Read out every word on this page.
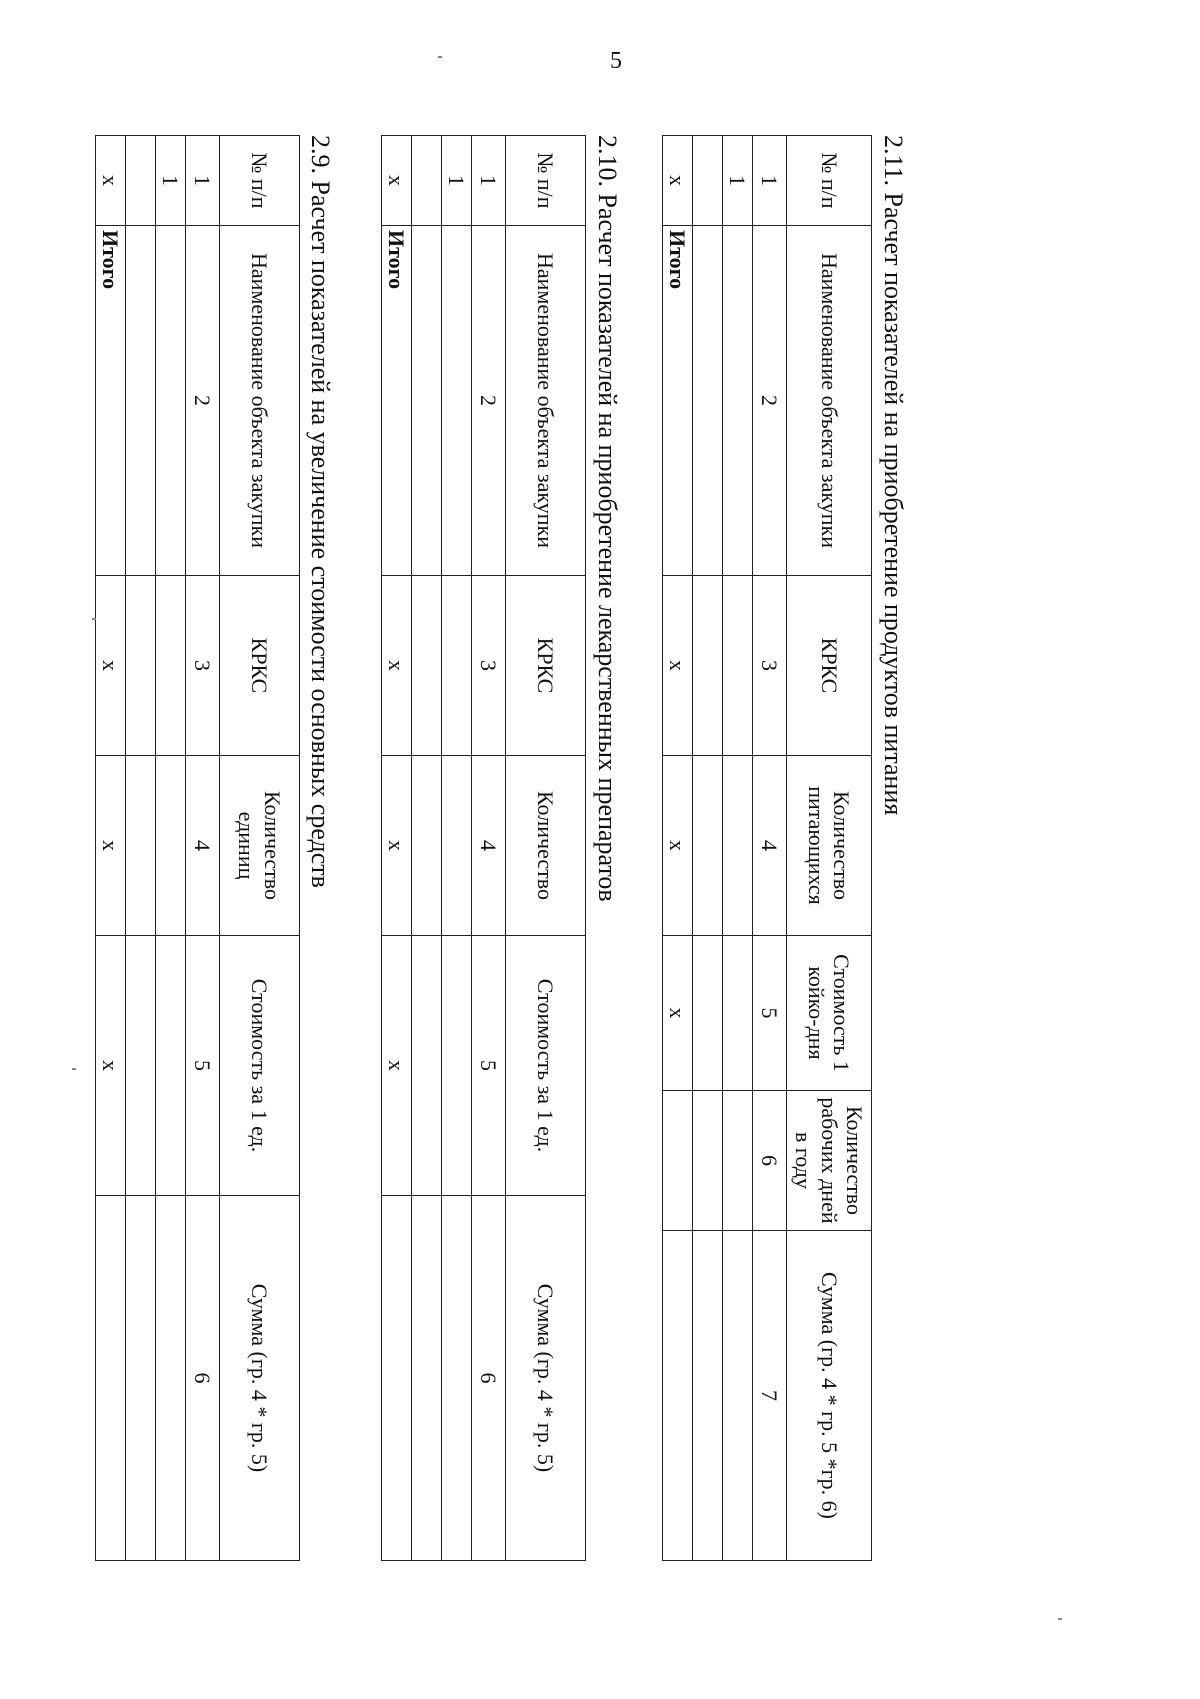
5
2.9. Расчет показателей на увеличение стоимости основных средств
№ п/п	Наименование объекта закупки	КРКС	Количество единиц	Стоимость за 1 ед.	Сумма (гр. 4 * гр. 5)
1	2	3	4	5	6
1					

х	Итого	х	х	х	
2.10. Расчет показателей на приобретение лекарственных препаратов
№ п/п	Наименование объекта закупки	КРКС	Количество	Стоимость за 1 ед.	Сумма (гр. 4 * гр. 5)
1	2	3	4	5	6
1					

х	Итого	х	х	х	
2.11. Расчет показателей на приобретение продуктов питания
№ п/п	Наименование объекта закупки	КРКС	Количество питающихся	Стоимость 1 койко-дня	Количество рабочих дней в году	Сумма (гр. 4 * гр. 5 *гр. 6)
1	2	3	4	5	6	7
1						

х	Итого	х	х	х		
